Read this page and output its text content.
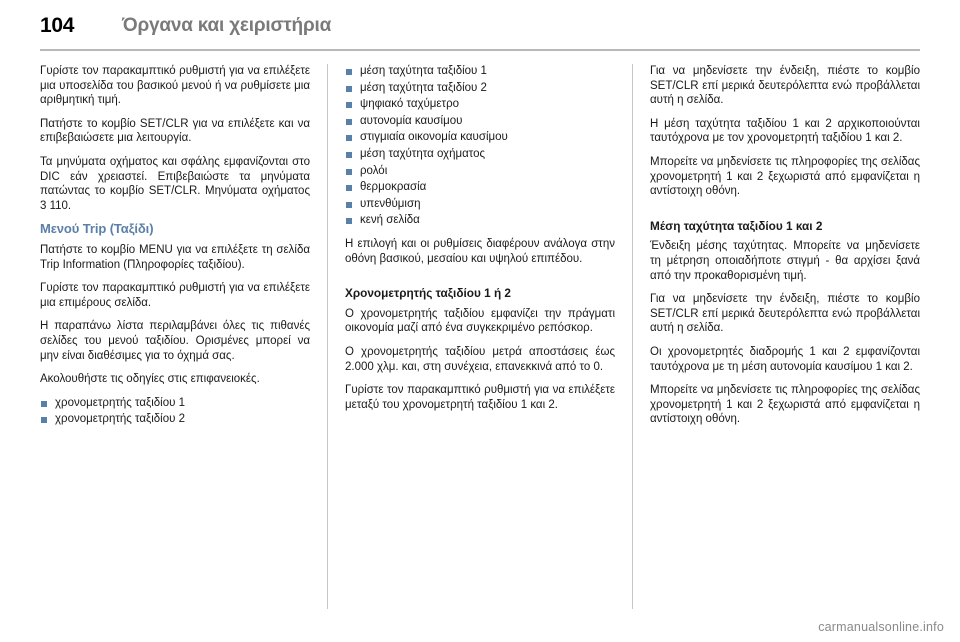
104	Όργανα και χειριστήρια

Γυρίστε τον παρακαμπτικό ρυθμιστή για να επιλέξετε μια υποσελίδα του βασικού μενού ή να ρυθμίσετε μια αριθμητική τιμή.

Πατήστε το κομβίο SET/CLR για να επιλέξετε και να επιβεβαιώσετε μια λειτουργία.

Τα μηνύματα οχήματος και σφάλης εμφανίζονται στο DIC εάν χρειαστεί. Επιβεβαιώστε τα μηνύματα πατώντας το κομβίο SET/CLR. Μηνύματα οχήματος 3 110.

Μενού Trip (Ταξίδι)

Πατήστε το κομβίο MENU για να επιλέξετε τη σελίδα Trip Information (Πληροφορίες ταξιδίου).

Γυρίστε τον παρακαμπτικό ρυθμιστή για να επιλέξετε μια επιμέρους σελίδα.

Η παραπάνω λίστα περιλαμβάνει όλες τις πιθανές σελίδες του μενού ταξιδίου. Ορισμένες μπορεί να μην είναι διαθέσιμες για το όχημά σας.

Ακολουθήστε τις οδηγίες στις επιφανειοκές.

χρονομετρητής ταξιδίου 1
χρονομετρητής ταξιδίου 2
μέση ταχύτητα ταξιδίου 1
μέση ταχύτητα ταξιδίου 2
ψηφιακό ταχύμετρο
αυτονομία καυσίμου
στιγμιαία οικονομία καυσίμου
μέση ταχύτητα οχήματος
ρολόι
θερμοκρασία
υπενθύμιση
κενή σελίδα

Η επιλογή και οι ρυθμίσεις διαφέρουν ανάλογα στην οθόνη βασικού, μεσαίου και υψηλού επιπέδου.

Χρονομετρητής ταξιδίου 1 ή 2

Ο χρονομετρητής ταξιδίου εμφανίζει την πράγματι οικονομία μαζί από ένα συγκεκριμένο ρεπόσκορ.

Ο χρονομετρητής ταξιδίου μετρά αποστάσεις έως 2.000 χλμ. και, στη συνέχεια, επανεκκινά από το 0.

Γυρίστε τον παρακαμπτικό ρυθμιστή για να επιλέξετε μεταξύ του χρονομετρητή ταξιδίου 1 και 2.

Για να μηδενίσετε την ένδειξη, πιέστε το κομβίο SET/CLR επί μερικά δευτερόλεπτα ενώ προβάλλεται αυτή η σελίδα.

Η μέση ταχύτητα ταξιδίου 1 και 2 αρχικοποιούνται ταυτόχρονα με τον χρονομετρητή ταξιδίου 1 και 2.

Μπορείτε να μηδενίσετε τις πληροφορίες της σελίδας χρονομετρητή 1 και 2 ξεχωριστά από εμφανίζεται η αντίστοιχη οθόνη.

Μέση ταχύτητα ταξιδίου 1 και 2

Ένδειξη μέσης ταχύτητας. Μπορείτε να μηδενίσετε τη μέτρηση οποιαδήποτε στιγμή - θα αρχίσει ξανά από την προκαθορισμένη τιμή.

Για να μηδενίσετε την ένδειξη, πιέστε το κομβίο SET/CLR επί μερικά δευτερόλεπτα ενώ προβάλλεται αυτή η σελίδα.

Οι χρονομετρητές διαδρομής 1 και 2 εμφανίζονται ταυτόχρονα με τη μέση αυτονομία καυσίμου 1 και 2.

Μπορείτε να μηδενίσετε τις πληροφορίες της σελίδας χρονομετρητή 1 και 2 ξεχωριστά από εμφανίζεται η αντίστοιχη οθόνη.

carmanualsonline.info
